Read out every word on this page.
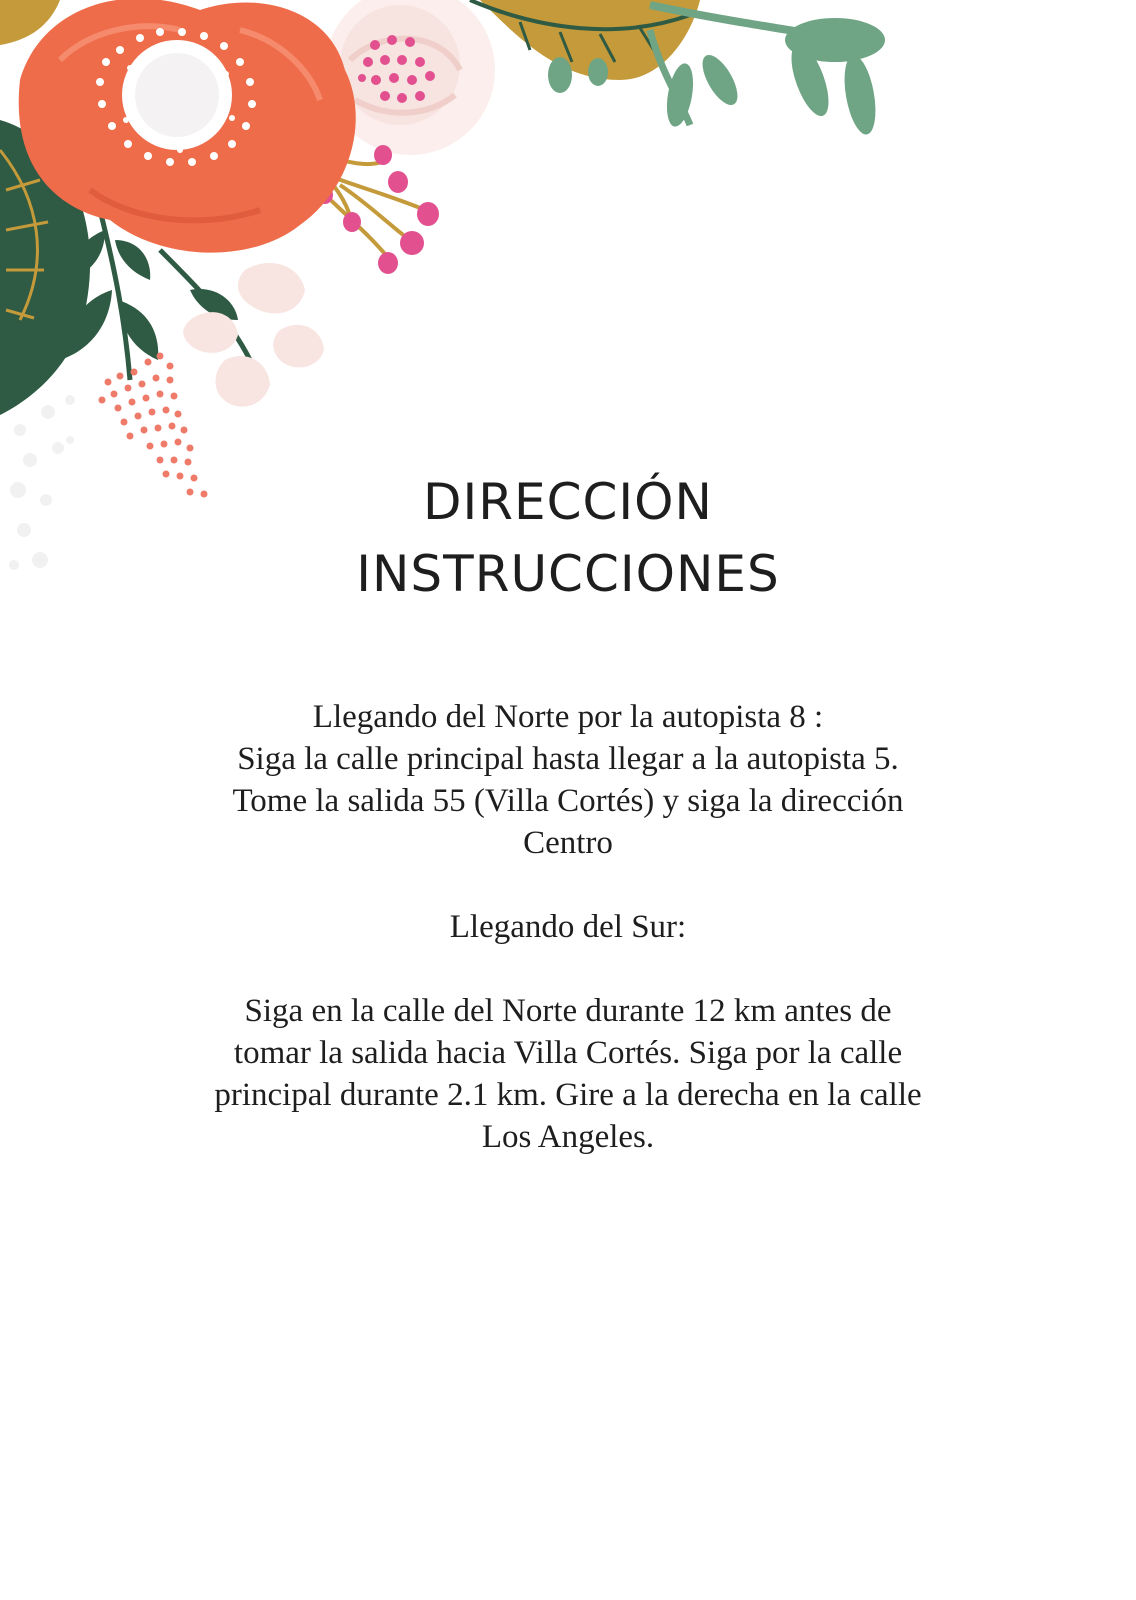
DIRECCIÓN
INSTRUCCIONES

Llegando del Norte por la autopista 8 :

Siga la calle principal hasta llegar a la autopista 5.

Tome la salida 55 (Villa Cortés) y siga la dirección

Centro

Llegando del Sur:

Siga en la calle del Norte durante 12 km antes de

tomar la salida hacia Villa Cortés. Siga por la calle

principal durante 2.1 km. Gire a la derecha en la calle

Los Angeles.
